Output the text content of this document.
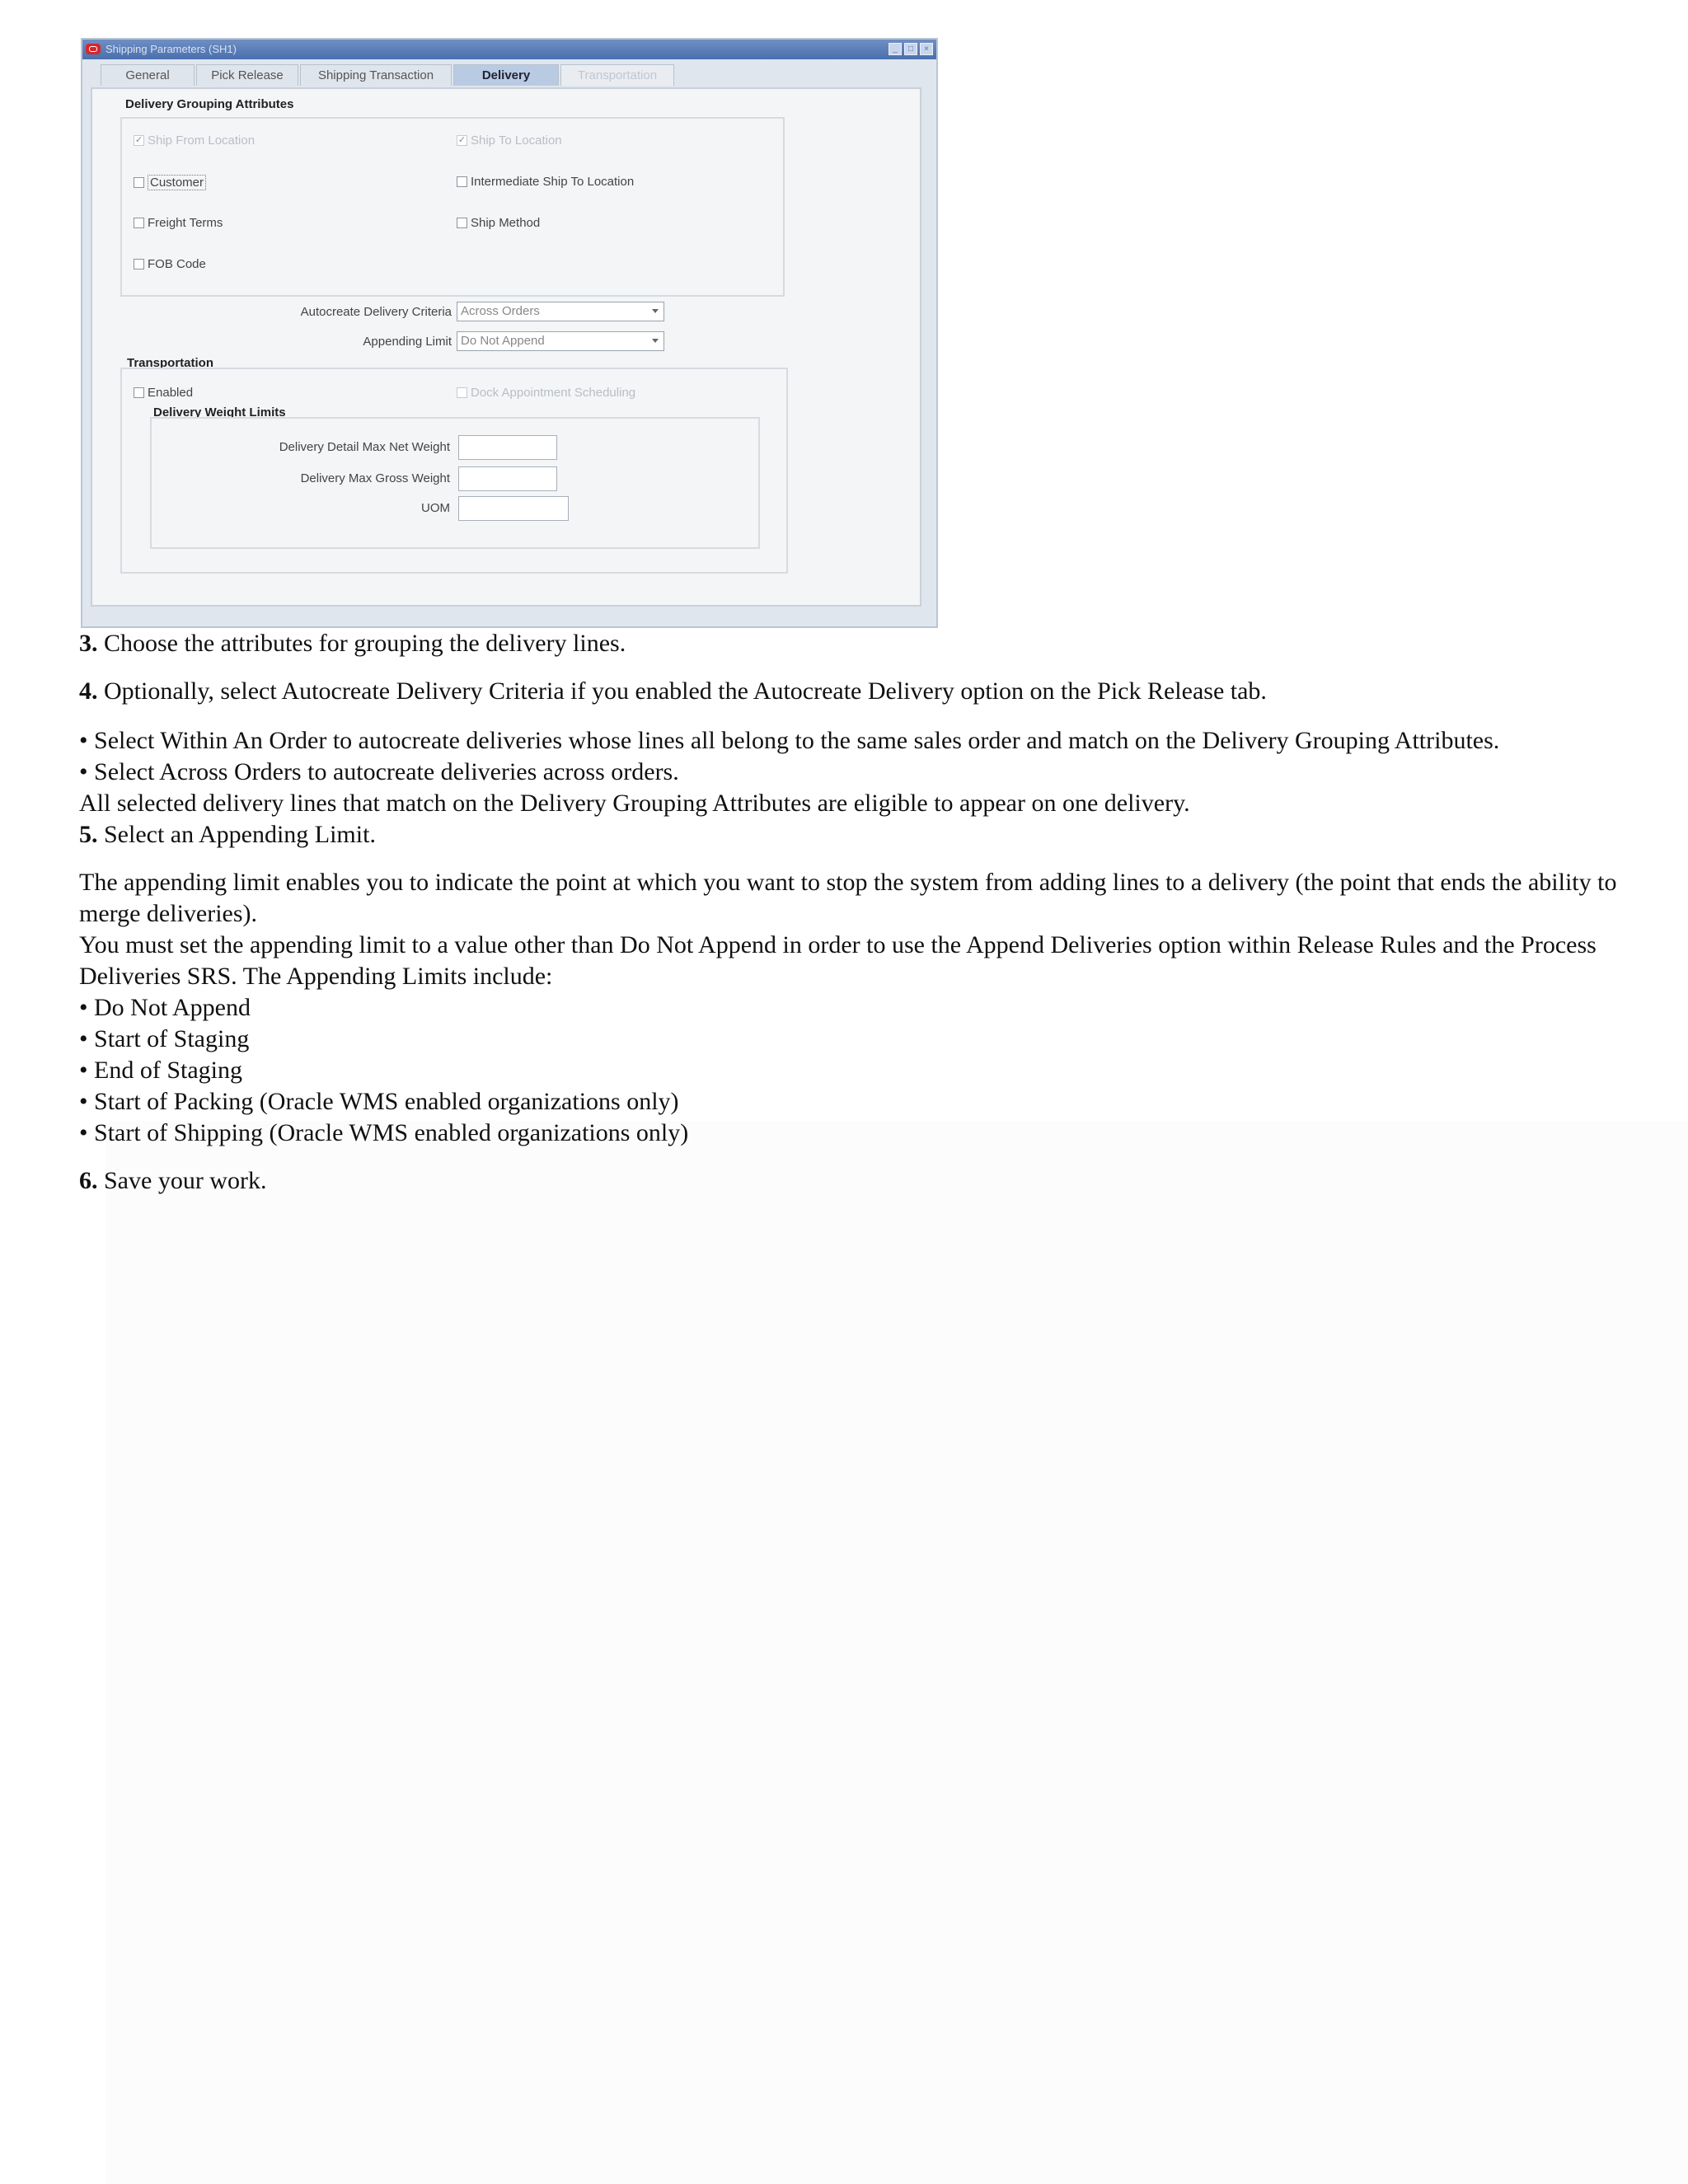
Shipping Parameters (SH1)	_	□	×
General	Pick Release	Shipping Transaction	Delivery	Transportation
Delivery Grouping Attributes
✓ Ship From Location	✓ Ship To Location
Customer	Intermediate Ship To Location
Freight Terms	Ship Method
FOB Code
Autocreate Delivery Criteria Across Orders
Appending Limit Do Not Append
Transportation
Enabled	Dock Appointment Scheduling
Delivery Weight Limits
Delivery Detail Max Net Weight
Delivery Max Gross Weight
UOM

3. Choose the attributes for grouping the delivery lines.

4. Optionally, select Autocreate Delivery Criteria if you enabled the Autocreate Delivery option on the Pick Release tab.

• Select Within An Order to autocreate deliveries whose lines all belong to the same sales order and match on the Delivery Grouping Attributes.

• Select Across Orders to autocreate deliveries across orders.

All selected delivery lines that match on the Delivery Grouping Attributes are eligible to appear on one delivery.

5. Select an Appending Limit.

The appending limit enables you to indicate the point at which you want to stop the system from adding lines to a delivery (the point that ends the ability to merge deliveries).

You must set the appending limit to a value other than Do Not Append in order to use the Append Deliveries option within Release Rules and the Process Deliveries SRS. The Appending Limits include:

• Do Not Append

• Start of Staging

• End of Staging

• Start of Packing (Oracle WMS enabled organizations only)

• Start of Shipping (Oracle WMS enabled organizations only)

6. Save your work.
